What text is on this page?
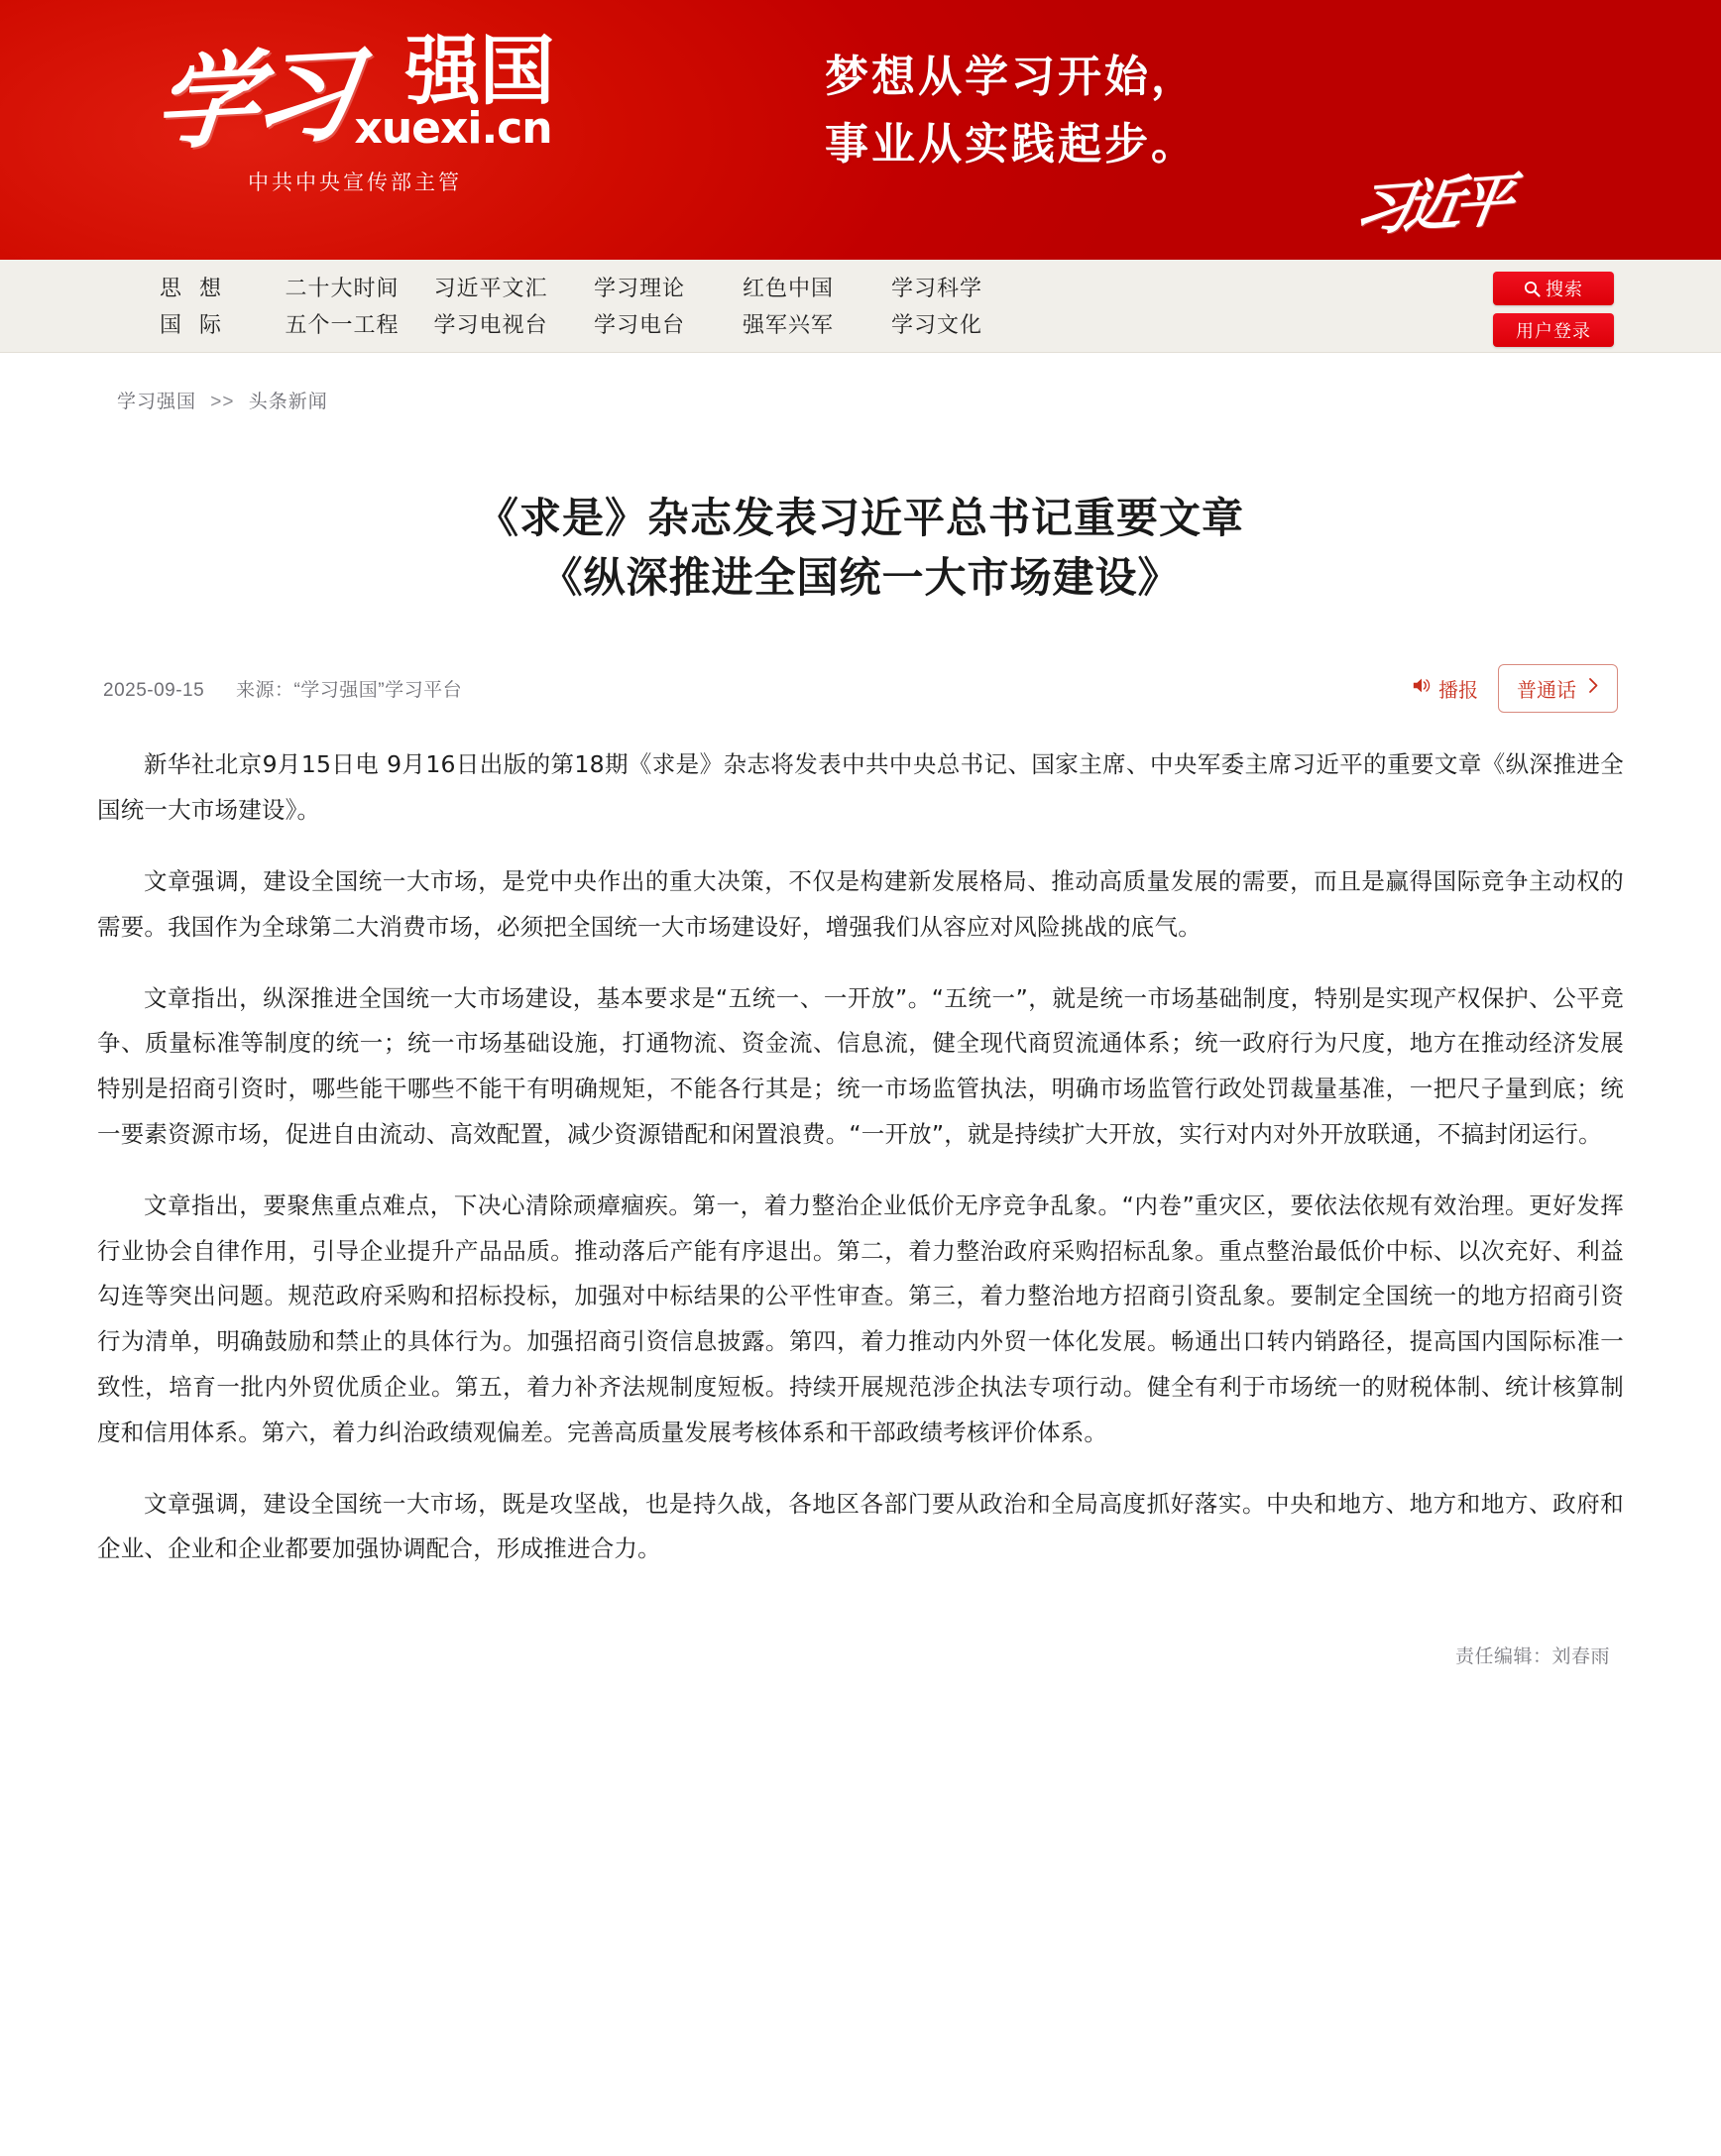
学习 强国
xuexi.cn
中共中央宣传部主管
梦想从学习开始，
事业从实践起步。
习近平
思 想	二十大时间	习近平文汇	学习理论	红色中国	学习科学
国 际	五个一工程	学习电视台	学习电台	强军兴军	学习文化
搜索
用户登录
学习强国 >> 头条新闻
《求是》杂志发表习近平总书记重要文章
《纵深推进全国统一大市场建设》
2025-09-15 来源：“学习强国”学习平台	播报 普通话

新华社北京9月15日电 9月16日出版的第18期《求是》杂志将发表中共中央总书记、国家主席、中央军委主席习近平的重要文章《纵深推进全国统一大市场建设》。

文章强调，建设全国统一大市场，是党中央作出的重大决策，不仅是构建新发展格局、推动高质量发展的需要，而且是赢得国际竞争主动权的需要。我国作为全球第二大消费市场，必须把全国统一大市场建设好，增强我们从容应对风险挑战的底气。

文章指出，纵深推进全国统一大市场建设，基本要求是“五统一、一开放”。“五统一”，就是统一市场基础制度，特别是实现产权保护、公平竞争、质量标准等制度的统一；统一市场基础设施，打通物流、资金流、信息流，健全现代商贸流通体系；统一政府行为尺度，地方在推动经济发展特别是招商引资时，哪些能干哪些不能干有明确规矩，不能各行其是；统一市场监管执法，明确市场监管行政处罚裁量基准，一把尺子量到底；统一要素资源市场，促进自由流动、高效配置，减少资源错配和闲置浪费。“一开放”，就是持续扩大开放，实行对内对外开放联通，不搞封闭运行。

文章指出，要聚焦重点难点，下决心清除顽瘴痼疾。第一，着力整治企业低价无序竞争乱象。“内卷”重灾区，要依法依规有效治理。更好发挥行业协会自律作用，引导企业提升产品品质。推动落后产能有序退出。第二，着力整治政府采购招标乱象。重点整治最低价中标、以次充好、利益勾连等突出问题。规范政府采购和招标投标，加强对中标结果的公平性审查。第三，着力整治地方招商引资乱象。要制定全国统一的地方招商引资行为清单，明确鼓励和禁止的具体行为。加强招商引资信息披露。第四，着力推动内外贸一体化发展。畅通出口转内销路径，提高国内国际标准一致性，培育一批内外贸优质企业。第五，着力补齐法规制度短板。持续开展规范涉企执法专项行动。健全有利于市场统一的财税体制、统计核算制度和信用体系。第六，着力纠治政绩观偏差。完善高质量发展考核体系和干部政绩考核评价体系。

文章强调，建设全国统一大市场，既是攻坚战，也是持久战，各地区各部门要从政治和全局高度抓好落实。中央和地方、地方和地方、政府和企业、企业和企业都要加强协调配合，形成推进合力。

责任编辑：刘春雨
